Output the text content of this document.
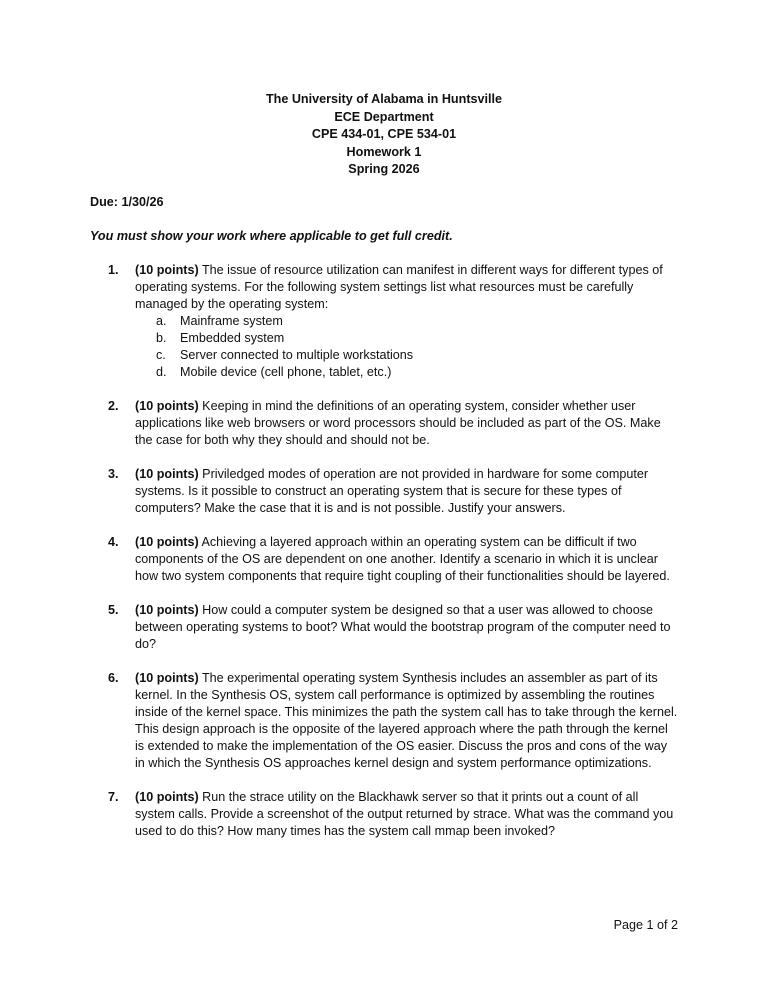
The University of Alabama in Huntsville
ECE Department
CPE 434-01, CPE 534-01
Homework 1
Spring 2026
Due: 1/30/26
You must show your work where applicable to get full credit.
1. (10 points) The issue of resource utilization can manifest in different ways for different types of operating systems. For the following system settings list what resources must be carefully managed by the operating system:
a. Mainframe system
b. Embedded system
c. Server connected to multiple workstations
d. Mobile device (cell phone, tablet, etc.)
2. (10 points) Keeping in mind the definitions of an operating system, consider whether user applications like web browsers or word processors should be included as part of the OS. Make the case for both why they should and should not be.
3. (10 points) Priviledged modes of operation are not provided in hardware for some computer systems. Is it possible to construct an operating system that is secure for these types of computers? Make the case that it is and is not possible. Justify your answers.
4. (10 points) Achieving a layered approach within an operating system can be difficult if two components of the OS are dependent on one another. Identify a scenario in which it is unclear how two system components that require tight coupling of their functionalities should be layered.
5. (10 points) How could a computer system be designed so that a user was allowed to choose between operating systems to boot? What would the bootstrap program of the computer need to do?
6. (10 points) The experimental operating system Synthesis includes an assembler as part of its kernel. In the Synthesis OS, system call performance is optimized by assembling the routines inside of the kernel space. This minimizes the path the system call has to take through the kernel. This design approach is the opposite of the layered approach where the path through the kernel is extended to make the implementation of the OS easier. Discuss the pros and cons of the way in which the Synthesis OS approaches kernel design and system performance optimizations.
7. (10 points) Run the strace utility on the Blackhawk server so that it prints out a count of all system calls. Provide a screenshot of the output returned by strace. What was the command you used to do this? How many times has the system call mmap been invoked?
Page 1 of 2
